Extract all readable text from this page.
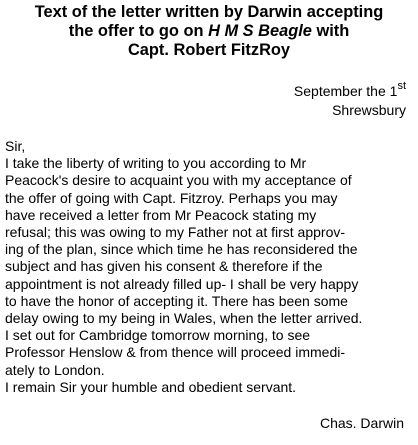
Text of the letter written by Darwin accepting
the offer to go on H M S Beagle with
Capt. Robert FitzRoy
September the 1st
Shrewsbury
Sir,
I take the liberty of writing to you according to Mr
Peacock's desire to acquaint you with my acceptance of
the offer of going with Capt. Fitzroy. Perhaps you may
have received a letter from Mr Peacock stating my
refusal; this was owing to my Father not at first approv-
ing of the plan, since which time he has reconsidered the
subject and has given his consent & therefore if the
appointment is not already filled up- I shall be very happy
to have the honor of accepting it. There has been some
delay owing to my being in Wales, when the letter arrived.
I set out for Cambridge tomorrow morning, to see
Professor Henslow & from thence will proceed immedi-
ately to London.
I remain Sir your humble and obedient servant.
Chas. Darwin
